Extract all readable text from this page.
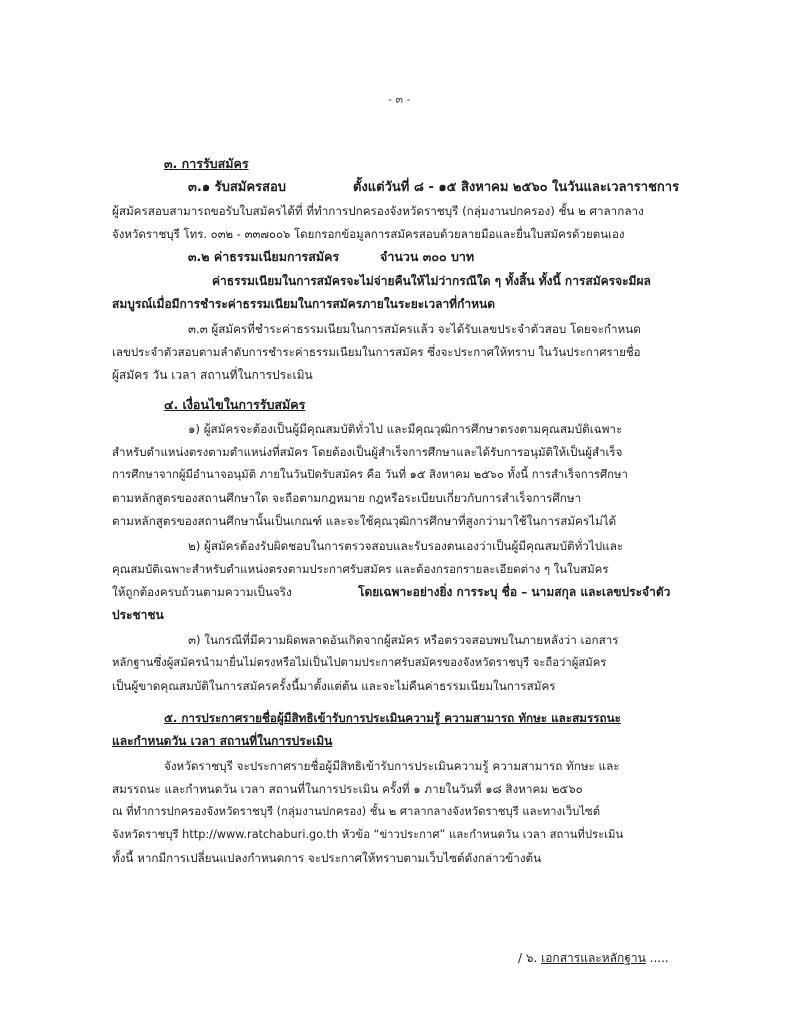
- ๓ -
๓. การรับสมัคร
๓.๑ รับสมัครสอบ	ตั้งแต่วันที่ ๘ - ๑๕ สิงหาคม ๒๕๖๐ ในวันและเวลาราชการ
ผู้สมัครสอบสามารถขอรับใบสมัครได้ที่ ที่ทำการปกครองจังหวัดราชบุรี (กลุ่มงานปกครอง) ชั้น ๒ ศาลากลาง
จังหวัดราชบุรี โทร. ๐๓๒ - ๓๓๗๐๐๖ โดยกรอกข้อมูลการสมัครสอบด้วยลายมือและยื่นใบสมัครด้วยตนเอง
๓.๒ ค่าธรรมเนียมการสมัคร	จำนวน ๓๐๐ บาท
ค่าธรรมเนียมในการสมัครจะไม่จ่ายคืนให้ไม่ว่ากรณีใด ๆ ทั้งสิ้น ทั้งนี้ การสมัครจะมีผล
สมบูรณ์เมื่อมีการชำระค่าธรรมเนียมในการสมัครภายในระยะเวลาที่กำหนด
๓.๓ ผู้สมัครที่ชำระค่าธรรมเนียมในการสมัครแล้ว จะได้รับเลขประจำตัวสอบ โดยจะกำหนด
เลขประจำตัวสอบตามลำดับการชำระค่าธรรมเนียมในการสมัคร ซึ่งจะประกาศให้ทราบ ในวันประกาศรายชื่อ
ผู้สมัคร วัน เวลา สถานที่ในการประเมิน
๔. เงื่อนไขในการรับสมัคร
๑) ผู้สมัครจะต้องเป็นผู้มีคุณสมบัติทั่วไป และมีคุณวุฒิการศึกษาตรงตามคุณสมบัติเฉพาะ
สำหรับตำแหน่งตรงตามตำแหน่งที่สมัคร โดยต้องเป็นผู้สำเร็จการศึกษาและได้รับการอนุมัติให้เป็นผู้สำเร็จ
การศึกษาจากผู้มีอำนาจอนุมัติ ภายในวันปิดรับสมัคร คือ วันที่ ๑๕ สิงหาคม ๒๕๖๐ ทั้งนี้ การสำเร็จการศึกษา
ตามหลักสูตรของสถานศึกษาใด จะถือตามกฎหมาย กฎหรือระเบียบเกี่ยวกับการสำเร็จการศึกษา
ตามหลักสูตรของสถานศึกษานั้นเป็นเกณฑ์ และจะใช้คุณวุฒิการศึกษาที่สูงกว่ามาใช้ในการสมัครไม่ได้
๒) ผู้สมัครต้องรับผิดชอบในการตรวจสอบและรับรองตนเองว่าเป็นผู้มีคุณสมบัติทั่วไปและ
คุณสมบัติเฉพาะสำหรับตำแหน่งตรงตามประกาศรับสมัคร และต้องกรอกรายละเอียดต่าง ๆ ในใบสมัคร
ให้ถูกต้องครบถ้วนตามความเป็นจริง	โดยเฉพาะอย่างยิ่ง การระบุ ชื่อ – นามสกุล และเลขประจำตัว
ประชาชน
๓) ในกรณีที่มีความผิดพลาดอันเกิดจากผู้สมัคร หรือตรวจสอบพบในภายหลังว่า เอกสาร
หลักฐานซึ่งผู้สมัครนำมายื่นไม่ตรงหรือไม่เป็นไปตามประกาศรับสมัครของจังหวัดราชบุรี จะถือว่าผู้สมัคร
เป็นผู้ขาดคุณสมบัติในการสมัครครั้งนี้มาตั้งแต่ต้น และจะไม่คืนค่าธรรมเนียมในการสมัคร
๕. การประกาศรายชื่อผู้มีสิทธิเข้ารับการประเมินความรู้ ความสามารถ ทักษะ และสมรรถนะ
และกำหนดวัน เวลา สถานที่ในการประเมิน
จังหวัดราชบุรี จะประกาศรายชื่อผู้มีสิทธิเข้ารับการประเมินความรู้ ความสามารถ ทักษะ และ
สมรรถนะ และกำหนดวัน เวลา สถานที่ในการประเมิน ครั้งที่ ๑ ภายในวันที่ ๑๘ สิงหาคม ๒๕๖๐
ณ ที่ทำการปกครองจังหวัดราชบุรี (กลุ่มงานปกครอง) ชั้น ๒ ศาลากลางจังหวัดราชบุรี และทางเว็บไซต์
จังหวัดราชบุรี http://www.ratchaburi.go.th หัวข้อ “ข่าวประกาศ” และกำหนดวัน เวลา สถานที่ประเมิน
ทั้งนี้ หากมีการเปลี่ยนแปลงกำหนดการ จะประกาศให้ทราบตามเว็บไซต์ดังกล่าวข้างต้น
/ ๖. เอกสารและหลักฐาน .....
